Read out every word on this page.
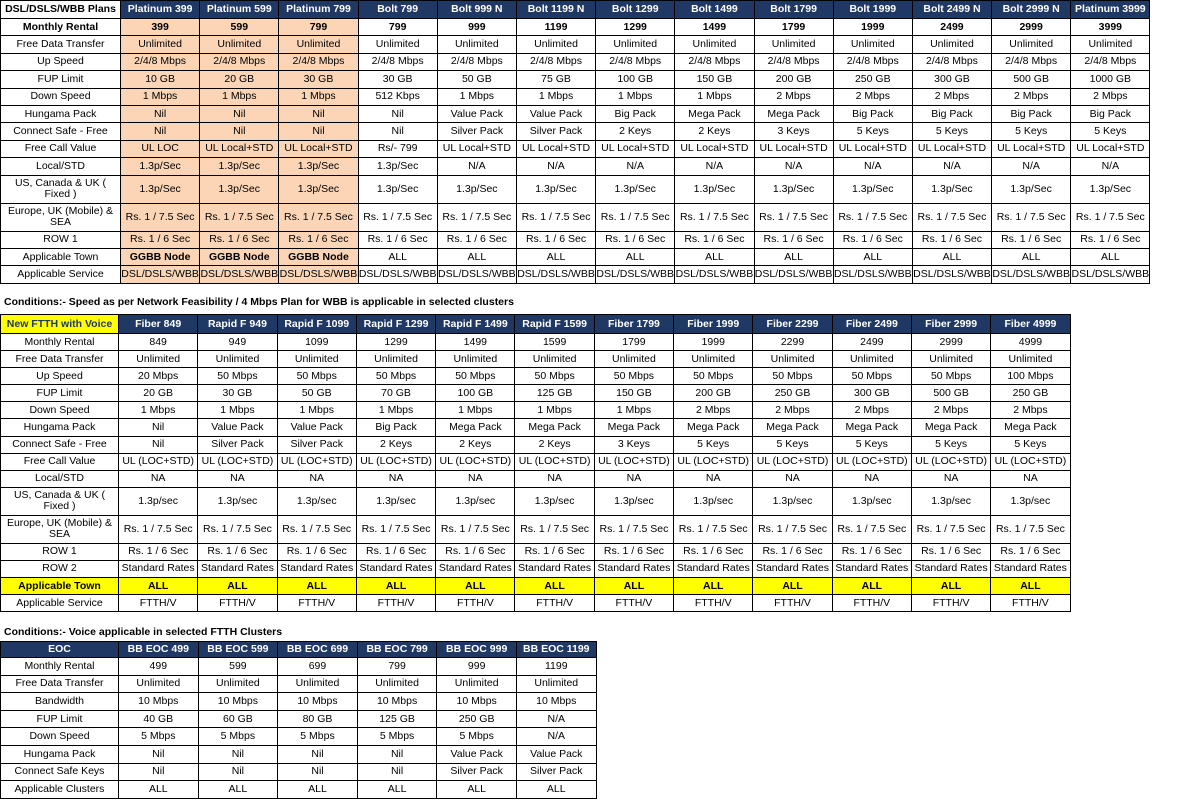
DSL/DSLS/WBB Plans	Platinum 399	Platinum 599	Platinum 799	Bolt 799	Bolt 999 N	Bolt 1199 N	Bolt 1299	Bolt 1499	Bolt 1799	Bolt 1999	Bolt 2499 N	Bolt 2999 N	Platinum 3999
Monthly Rental	399	599	799	799	999	1199	1299	1499	1799	1999	2499	2999	3999
Free Data Transfer	Unlimited	Unlimited	Unlimited	Unlimited	Unlimited	Unlimited	Unlimited	Unlimited	Unlimited	Unlimited	Unlimited	Unlimited	Unlimited
Up Speed	2/4/8 Mbps	2/4/8 Mbps	2/4/8 Mbps	2/4/8 Mbps	2/4/8 Mbps	2/4/8 Mbps	2/4/8 Mbps	2/4/8 Mbps	2/4/8 Mbps	2/4/8 Mbps	2/4/8 Mbps	2/4/8 Mbps	2/4/8 Mbps
FUP Limit	10 GB	20 GB	30 GB	30 GB	50 GB	75 GB	100 GB	150 GB	200 GB	250 GB	300 GB	500 GB	1000 GB
Down Speed	1 Mbps	1 Mbps	1 Mbps	512 Kbps	1 Mbps	1 Mbps	1 Mbps	1 Mbps	2 Mbps	2 Mbps	2 Mbps	2 Mbps	2 Mbps
Hungama Pack	Nil	Nil	Nil	Nil	Value Pack	Value Pack	Big Pack	Mega Pack	Mega Pack	Big Pack	Big Pack	Big Pack	Big Pack
Connect Safe - Free	Nil	Nil	Nil	Nil	Silver Pack	Silver Pack	2 Keys	2 Keys	3 Keys	5 Keys	5 Keys	5 Keys	5 Keys
Free Call Value	UL LOC	UL Local+STD	UL Local+STD	Rs/- 799	UL Local+STD	UL Local+STD	UL Local+STD	UL Local+STD	UL Local+STD	UL Local+STD	UL Local+STD	UL Local+STD	UL Local+STD
Local/STD	1.3p/Sec	1.3p/Sec	1.3p/Sec	1.3p/Sec	N/A	N/A	N/A	N/A	N/A	N/A	N/A	N/A	N/A
US, Canada & UK ( Fixed )	1.3p/Sec	1.3p/Sec	1.3p/Sec	1.3p/Sec	1.3p/Sec	1.3p/Sec	1.3p/Sec	1.3p/Sec	1.3p/Sec	1.3p/Sec	1.3p/Sec	1.3p/Sec	1.3p/Sec
Europe, UK (Mobile) & SEA	Rs. 1 / 7.5 Sec	Rs. 1 / 7.5 Sec	Rs. 1 / 7.5 Sec	Rs. 1 / 7.5 Sec	Rs. 1 / 7.5 Sec	Rs. 1 / 7.5 Sec	Rs. 1 / 7.5 Sec	Rs. 1 / 7.5 Sec	Rs. 1 / 7.5 Sec	Rs. 1 / 7.5 Sec	Rs. 1 / 7.5 Sec	Rs. 1 / 7.5 Sec	Rs. 1 / 7.5 Sec
ROW 1	Rs. 1 / 6 Sec	Rs. 1 / 6 Sec	Rs. 1 / 6 Sec	Rs. 1 / 6 Sec	Rs. 1 / 6 Sec	Rs. 1 / 6 Sec	Rs. 1 / 6 Sec	Rs. 1 / 6 Sec	Rs. 1 / 6 Sec	Rs. 1 / 6 Sec	Rs. 1 / 6 Sec	Rs. 1 / 6 Sec	Rs. 1 / 6 Sec
Applicable Town	GGBB Node	GGBB Node	GGBB Node	ALL	ALL	ALL	ALL	ALL	ALL	ALL	ALL	ALL	ALL
Applicable Service	DSL/DSLS/WBB	DSL/DSLS/WBB	DSL/DSLS/WBB	DSL/DSLS/WBB	DSL/DSLS/WBB	DSL/DSLS/WBB	DSL/DSLS/WBB	DSL/DSLS/WBB	DSL/DSLS/WBB	DSL/DSLS/WBB	DSL/DSLS/WBB	DSL/DSLS/WBB	DSL/DSLS/WBB
Conditions:- Speed as per Network Feasibility / 4 Mbps Plan for WBB is applicable in selected clusters
New FTTH with Voice	Fiber 849	Rapid F 949	Rapid F 1099	Rapid F 1299	Rapid F 1499	Rapid F 1599	Fiber 1799	Fiber 1999	Fiber 2299	Fiber 2499	Fiber 2999	Fiber 4999
Monthly Rental	849	949	1099	1299	1499	1599	1799	1999	2299	2499	2999	4999
Free Data Transfer	Unlimited	Unlimited	Unlimited	Unlimited	Unlimited	Unlimited	Unlimited	Unlimited	Unlimited	Unlimited	Unlimited	Unlimited
Up Speed	20 Mbps	50 Mbps	50 Mbps	50 Mbps	50 Mbps	50 Mbps	50 Mbps	50 Mbps	50 Mbps	50 Mbps	50 Mbps	100 Mbps
FUP Limit	20 GB	30 GB	50 GB	70 GB	100 GB	125 GB	150 GB	200 GB	250 GB	300 GB	500 GB	250 GB
Down Speed	1 Mbps	1 Mbps	1 Mbps	1 Mbps	1 Mbps	1 Mbps	1 Mbps	2 Mbps	2 Mbps	2 Mbps	2 Mbps	2 Mbps
Hungama Pack	Nil	Value Pack	Value Pack	Big Pack	Mega Pack	Mega Pack	Mega Pack	Mega Pack	Mega Pack	Mega Pack	Mega Pack	Mega Pack
Connect Safe - Free	Nil	Silver Pack	Silver Pack	2 Keys	2 Keys	2 Keys	3 Keys	5 Keys	5 Keys	5 Keys	5 Keys	5 Keys
Free Call Value	UL (LOC+STD)	UL (LOC+STD)	UL (LOC+STD)	UL (LOC+STD)	UL (LOC+STD)	UL (LOC+STD)	UL (LOC+STD)	UL (LOC+STD)	UL (LOC+STD)	UL (LOC+STD)	UL (LOC+STD)	UL (LOC+STD)
Local/STD	NA	NA	NA	NA	NA	NA	NA	NA	NA	NA	NA	NA
US, Canada & UK ( Fixed )	1.3p/sec	1.3p/sec	1.3p/sec	1.3p/sec	1.3p/sec	1.3p/sec	1.3p/sec	1.3p/sec	1.3p/sec	1.3p/sec	1.3p/sec	1.3p/sec
Europe, UK (Mobile) & SEA	Rs. 1 / 7.5 Sec	Rs. 1 / 7.5 Sec	Rs. 1 / 7.5 Sec	Rs. 1 / 7.5 Sec	Rs. 1 / 7.5 Sec	Rs. 1 / 7.5 Sec	Rs. 1 / 7.5 Sec	Rs. 1 / 7.5 Sec	Rs. 1 / 7.5 Sec	Rs. 1 / 7.5 Sec	Rs. 1 / 7.5 Sec	Rs. 1 / 7.5 Sec
ROW 1	Rs. 1 / 6 Sec	Rs. 1 / 6 Sec	Rs. 1 / 6 Sec	Rs. 1 / 6 Sec	Rs. 1 / 6 Sec	Rs. 1 / 6 Sec	Rs. 1 / 6 Sec	Rs. 1 / 6 Sec	Rs. 1 / 6 Sec	Rs. 1 / 6 Sec	Rs. 1 / 6 Sec	Rs. 1 / 6 Sec
ROW 2	Standard Rates	Standard Rates	Standard Rates	Standard Rates	Standard Rates	Standard Rates	Standard Rates	Standard Rates	Standard Rates	Standard Rates	Standard Rates	Standard Rates
Applicable Town	ALL	ALL	ALL	ALL	ALL	ALL	ALL	ALL	ALL	ALL	ALL	ALL
Applicable Service	FTTH/V	FTTH/V	FTTH/V	FTTH/V	FTTH/V	FTTH/V	FTTH/V	FTTH/V	FTTH/V	FTTH/V	FTTH/V	FTTH/V
Conditions:- Voice applicable in selected FTTH Clusters
EOC	BB EOC 499	BB EOC 599	BB EOC 699	BB EOC 799	BB EOC 999	BB EOC 1199
Monthly Rental	499	599	699	799	999	1199
Free Data Transfer	Unlimited	Unlimited	Unlimited	Unlimited	Unlimited	Unlimited
Bandwidth	10 Mbps	10 Mbps	10 Mbps	10 Mbps	10 Mbps	10 Mbps
FUP Limit	40 GB	60 GB	80 GB	125 GB	250 GB	N/A
Down Speed	5 Mbps	5 Mbps	5 Mbps	5 Mbps	5 Mbps	N/A
Hungama Pack	Nil	Nil	Nil	Nil	Value Pack	Value Pack
Connect Safe Keys	Nil	Nil	Nil	Nil	Silver Pack	Silver Pack
Applicable Clusters	ALL	ALL	ALL	ALL	ALL	ALL
